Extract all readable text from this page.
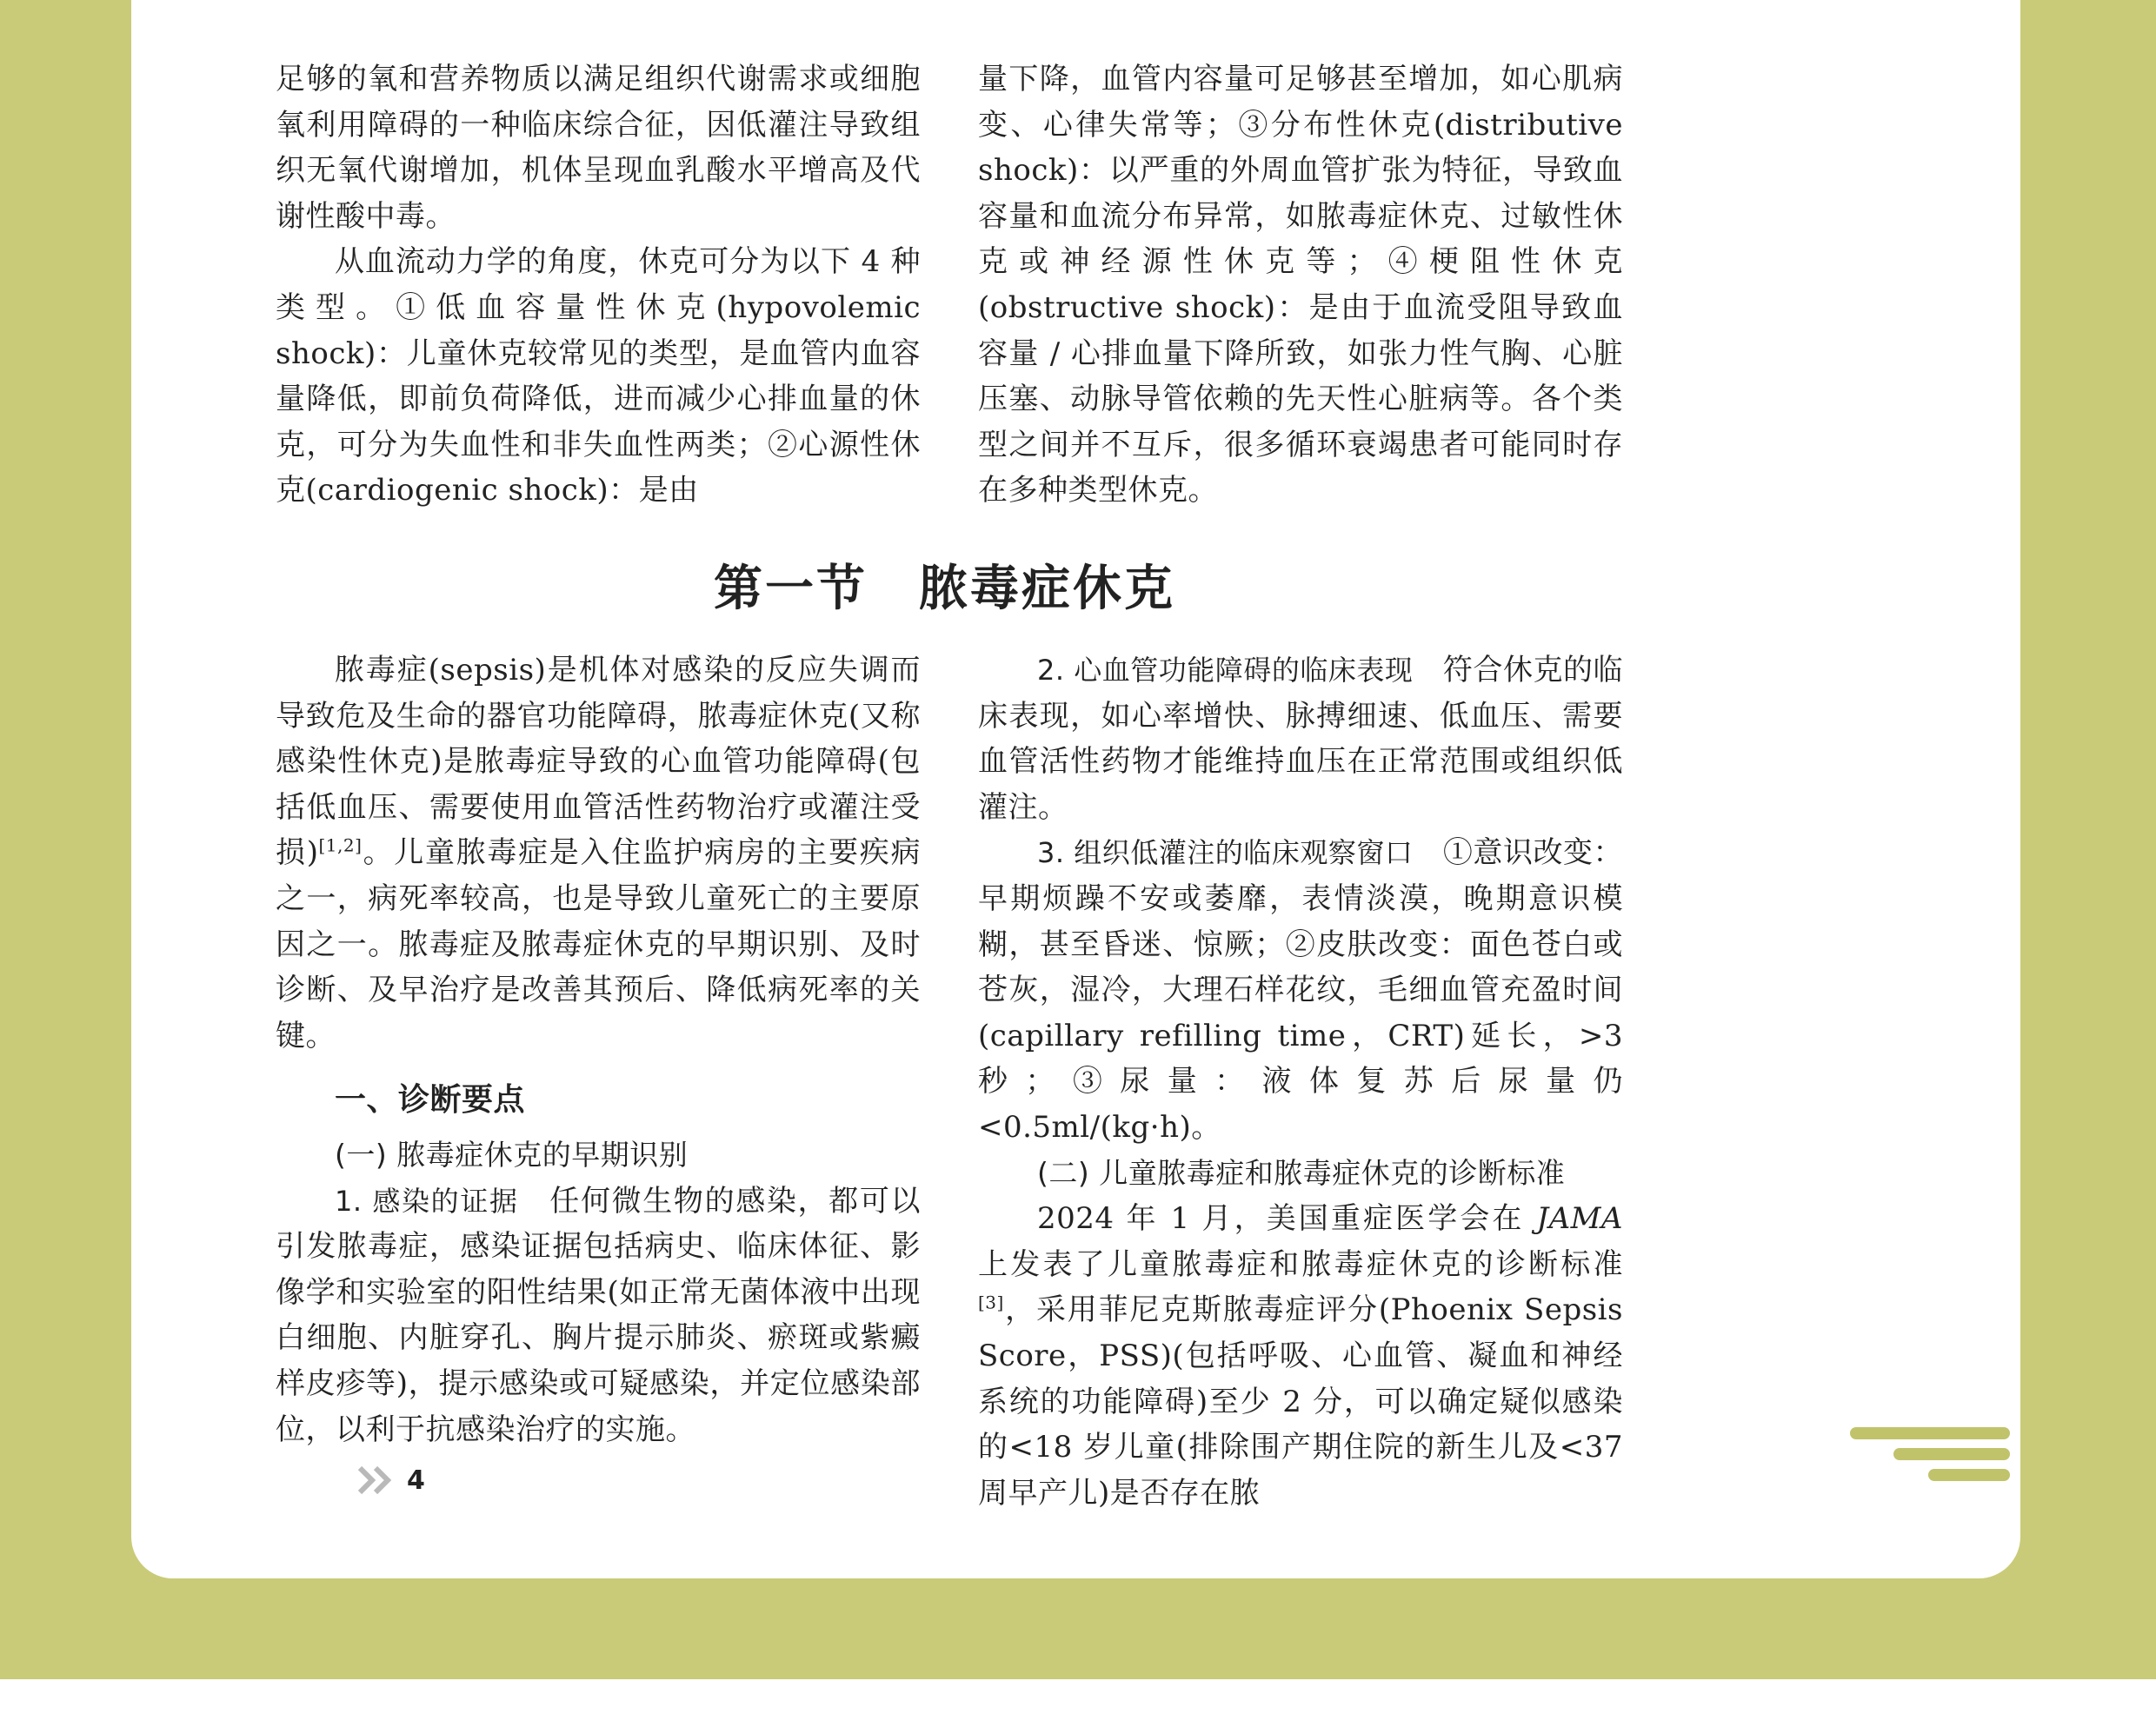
足够的氧和营养物质以满足组织代谢需求或细胞氧利用障碍的一种临床综合征，因低灌注导致组织无氧代谢增加，机体呈现血乳酸水平增高及代谢性酸中毒。

从血流动力学的角度，休克可分为以下 4 种类型。①低血容量性休克(hypovolemic shock)：儿童休克较常见的类型，是血管内血容量降低，即前负荷降低，进而减少心排血量的休克，可分为失血性和非失血性两类；②心源性休克(cardiogenic shock)：是由

量下降，血管内容量可足够甚至增加，如心肌病变、心律失常等；③分布性休克(distributive shock)：以严重的外周血管扩张为特征，导致血容量和血流分布异常，如脓毒症休克、过敏性休克或神经源性休克等；④梗阻性休克(obstructive shock)：是由于血流受阻导致血容量 / 心排血量下降所致，如张力性气胸、心脏压塞、动脉导管依赖的先天性心脏病等。各个类型之间并不互斥，很多循环衰竭患者可能同时存在多种类型休克。

第一节　脓毒症休克

脓毒症(sepsis)是机体对感染的反应失调而导致危及生命的器官功能障碍，脓毒症休克(又称感染性休克)是脓毒症导致的心血管功能障碍(包括低血压、需要使用血管活性药物治疗或灌注受损)[1,2]。儿童脓毒症是入住监护病房的主要疾病之一，病死率较高，也是导致儿童死亡的主要原因之一。脓毒症及脓毒症休克的早期识别、及时诊断、及早治疗是改善其预后、降低病死率的关键。

一、诊断要点

(一) 脓毒症休克的早期识别

1. 感染的证据　任何微生物的感染，都可以引发脓毒症，感染证据包括病史、临床体征、影像学和实验室的阳性结果(如正常无菌体液中出现白细胞、内脏穿孔、胸片提示肺炎、瘀斑或紫癜样皮疹等)，提示感染或可疑感染，并定位感染部位，以利于抗感染治疗的实施。

2. 心血管功能障碍的临床表现　符合休克的临床表现，如心率增快、脉搏细速、低血压、需要血管活性药物才能维持血压在正常范围或组织低灌注。

3. 组织低灌注的临床观察窗口　①意识改变：早期烦躁不安或萎靡，表情淡漠，晚期意识模糊，甚至昏迷、惊厥；②皮肤改变：面色苍白或苍灰，湿冷，大理石样花纹，毛细血管充盈时间(capillary refilling time，CRT)延长，>3 秒；③尿量：液体复苏后尿量仍<0.5ml/(kg·h)。

(二) 儿童脓毒症和脓毒症休克的诊断标准

2024 年 1 月，美国重症医学会在 JAMA 上发表了儿童脓毒症和脓毒症休克的诊断标准[3]，采用菲尼克斯脓毒症评分(Phoenix Sepsis Score，PSS)(包括呼吸、心血管、凝血和神经系统的功能障碍)至少 2 分，可以确定疑似感染的<18 岁儿童(排除围产期住院的新生儿及<37 周早产儿)是否存在脓

4
